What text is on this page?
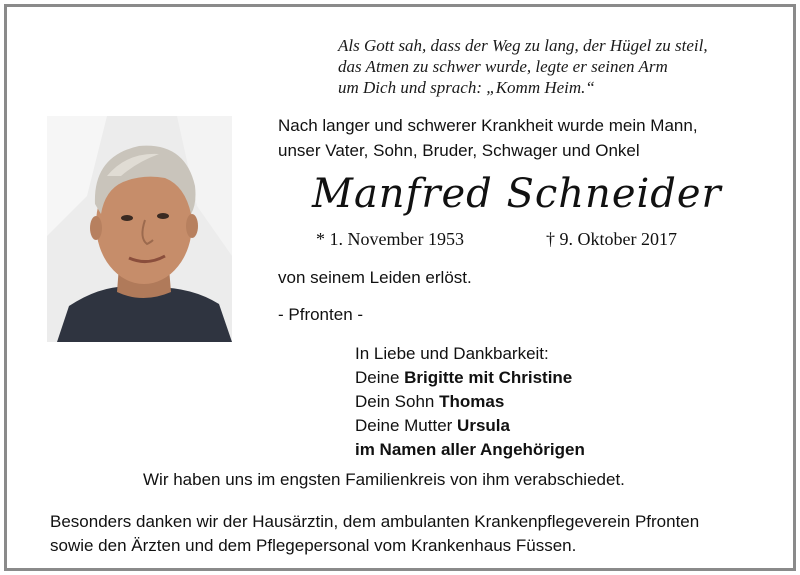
Als Gott sah, dass der Weg zu lang, der Hügel zu steil,
das Atmen zu schwer wurde, legte er seinen Arm
um Dich und sprach: „Komm Heim.“
Nach langer und schwerer Krankheit wurde mein Mann,
unser Vater, Sohn, Bruder, Schwager und Onkel
Manfred Schneider
* 1. November 1953	† 9. Oktober 2017
von seinem Leiden erlöst.
- Pfronten -
In Liebe und Dankbarkeit:
Deine Brigitte mit Christine
Dein Sohn Thomas
Deine Mutter Ursula
im Namen aller Angehörigen
Wir haben uns im engsten Familienkreis von ihm verabschiedet.
Besonders danken wir der Hausärztin, dem ambulanten Krankenpflegeverein Pfronten
sowie den Ärzten und dem Pflegepersonal vom Krankenhaus Füssen.
